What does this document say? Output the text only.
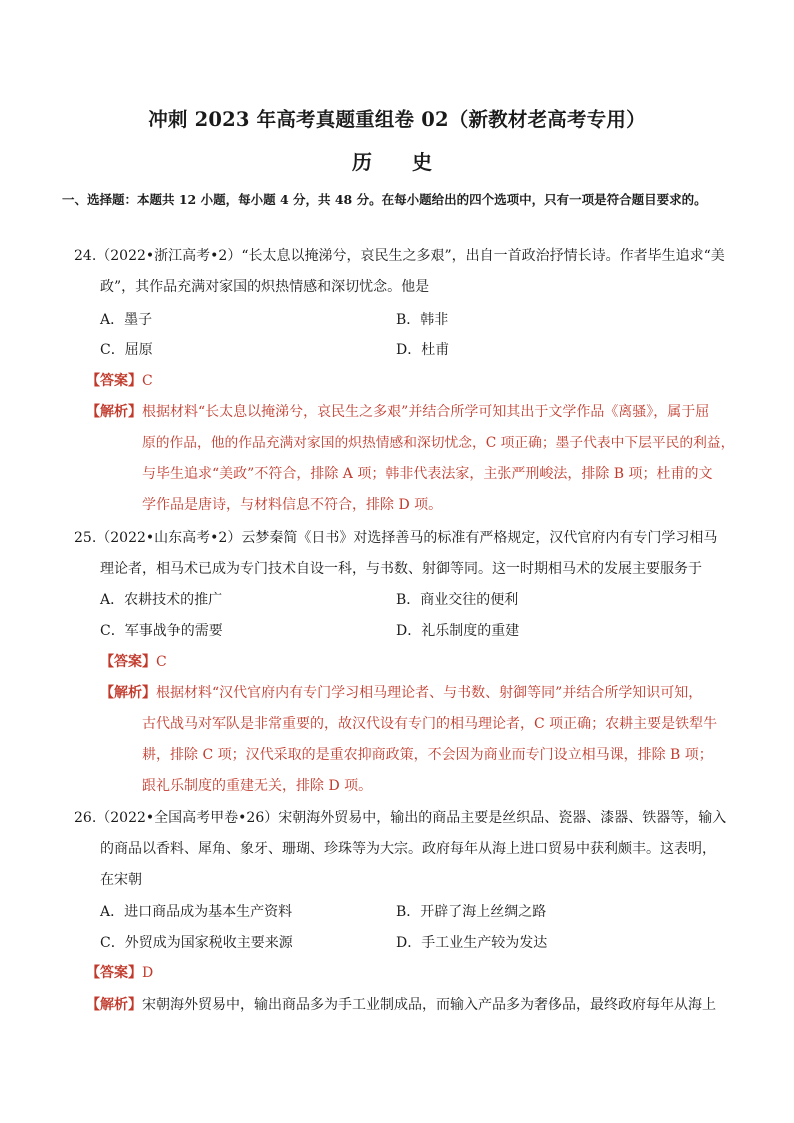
冲刺 2023 年高考真题重组卷 02（新教材老高考专用）
历　史
一、选择题：本题共 12 小题，每小题 4 分，共 48 分。在每小题给出的四个选项中，只有一项是符合题目要求的。
24.（2022•浙江高考•2）“长太息以掩涕兮，哀民生之多艰”，出自一首政治抒情长诗。作者毕生追求“美
政”，其作品充满对家国的炽热情感和深切忧念。他是
A．墨子	B．韩非
C．屈原	D．杜甫
【答案】C
【解析】 根据材料“长太息以掩涕兮，哀民生之多艰”并结合所学可知其出于文学作品《离骚》，属于屈
原的作品，他的作品充满对家国的炽热情感和深切忧念，C 项正确；墨子代表中下层平民的利益，
与毕生追求“美政”不符合，排除 A 项；韩非代表法家，主张严刑峻法，排除 B 项；杜甫的文
学作品是唐诗，与材料信息不符合，排除 D 项。
25.（2022•山东高考•2）云梦秦简《日书》对选择善马的标准有严格规定，汉代官府内有专门学习相马
理论者，相马术已成为专门技术自设一科，与书数、射御等同。这一时期相马术的发展主要服务于
A．农耕技术的推广	B．商业交往的便利
C．军事战争的需要	D．礼乐制度的重建
【答案】C
【解析】 根据材料“汉代官府内有专门学习相马理论者、与书数、射御等同”并结合所学知识可知，
古代战马对军队是非常重要的，故汉代设有专门的相马理论者，C 项正确；农耕主要是铁犁牛
耕，排除 C 项；汉代采取的是重农抑商政策，不会因为商业而专门设立相马课，排除 B 项；
跟礼乐制度的重建无关，排除 D 项。
26.（2022•全国高考甲卷•26）宋朝海外贸易中，输出的商品主要是丝织品、瓷器、漆器、铁器等，输入
的商品以香料、犀角、象牙、珊瑚、珍珠等为大宗。政府每年从海上进口贸易中获利颇丰。这表明，
在宋朝
A．进口商品成为基本生产资料	B．开辟了海上丝绸之路
C．外贸成为国家税收主要来源	D．手工业生产较为发达
【答案】D
【解析】 宋朝海外贸易中，输出商品多为手工业制成品，而输入产品多为奢侈品，最终政府每年从海上
